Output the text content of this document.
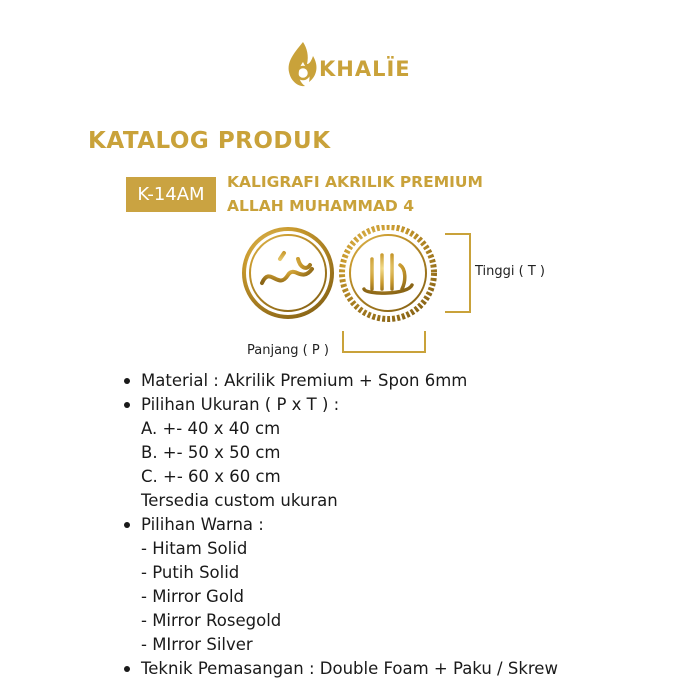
KHALÏE
KATALOG PRODUK
K-14AM
KALIGRAFI AKRILIK PREMIUM
ALLAH MUHAMMAD 4
Tinggi ( T )
Panjang ( P )
Material : Akrilik Premium + Spon 6mm
Pilihan Ukuran ( P x T ) :
A. +- 40 x 40 cm
B. +- 50 x 50 cm
C. +- 60 x 60 cm
Tersedia custom ukuran
Pilihan Warna :
- Hitam Solid
- Putih Solid
- Mirror Gold
- Mirror Rosegold
- MIrror Silver
Teknik Pemasangan : Double Foam + Paku / Skrew
